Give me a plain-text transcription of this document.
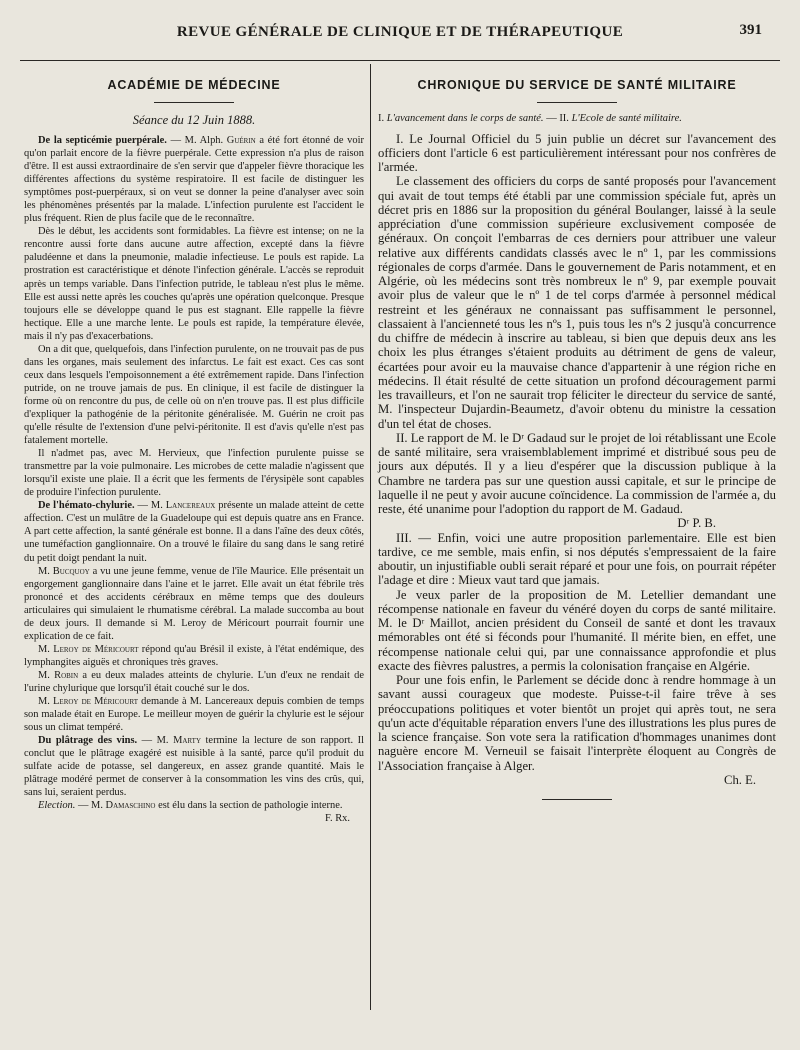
REVUE GÉNÉRALE DE CLINIQUE ET DE THÉRAPEUTIQUE	391
ACADÉMIE DE MÉDECINE
Séance du 12 Juin 1888.

De la septicémie puerpérale. — M. Alph. Guérin a été fort étonné de voir qu'on parlait encore de la fièvre puerpérale. Cette expression n'a plus de raison d'être. Il est aussi extraordinaire de s'en servir que d'appeler fièvre thoracique les différentes affections du système respiratoire. Il est facile de distinguer les symptômes post-puerpéraux, si on veut se donner la peine d'analyser avec soin les phénomènes présentés par la malade. L'infection purulente est l'accident le plus fréquent. Rien de plus facile que de le reconnaître.

Dès le début, les accidents sont formidables. La fièvre est intense; on ne la rencontre aussi forte dans aucune autre affection, excepté dans la fièvre paludéenne et dans la pneumonie, maladie infectieuse. Le pouls est rapide. La prostration est caractéristique et dénote l'infection générale. L'accès se reproduit après un temps variable. Dans l'infection putride, le tableau n'est plus le même. Elle est aussi nette après les couches qu'après une opération quelconque. Presque toujours elle se développe quand le pus est stagnant. Elle rappelle la fièvre hectique. Elle a une marche lente. Le pouls est rapide, la température élevée, mais il n'y pas d'exacerbations.

On a dit que, quelquefois, dans l'infection purulente, on ne trouvait pas de pus dans les organes, mais seulement des infarctus. Le fait est exact. Ces cas sont ceux dans lesquels l'empoisonnement a été extrêmement rapide. Dans l'infection putride, on ne trouve jamais de pus. En clinique, il est facile de distinguer la forme où on rencontre du pus, de celle où on n'en trouve pas. Il est plus difficile d'expliquer la pathogénie de la péritonite généralisée. M. Guérin ne croit pas qu'elle résulte de l'extension d'une pelvi-péritonite. Il est d'avis qu'elle n'est pas fatalement mortelle.

Il n'admet pas, avec M. Hervieux, que l'infection purulente puisse se transmettre par la voie pulmonaire. Les microbes de cette maladie n'agissent que lorsqu'il existe une plaie. Il a écrit que les ferments de l'érysipèle sont capables de produire l'infection purulente.

De l'hémato-chylurie. — M. Lancereaux présente un malade atteint de cette affection. C'est un mulâtre de la Guadeloupe qui est depuis quatre ans en France. A part cette affection, la santé générale est bonne. Il a dans l'aîne des deux côtés, une tuméfaction ganglionnaire. On a trouvé le filaire du sang dans le sang retiré du petit doigt pendant la nuit.

M. Bucquoy a vu une jeune femme, venue de l'île Maurice. Elle présentait un engorgement ganglionnaire dans l'aine et le jarret. Elle avait un état fébrile très prononcé et des accidents cérébraux en même temps que des douleurs articulaires qui simulaient le rhumatisme cérébral. La malade succomba au bout de deux jours. Il demande si M. Leroy de Méricourt pourrait fournir une explication de ce fait.

M. Leroy de Méricourt répond qu'au Brésil il existe, à l'état endémique, des lymphangites aiguës et chroniques très graves.

M. Robin a eu deux malades atteints de chylurie. L'un d'eux ne rendait de l'urine chylurique que lorsqu'il était couché sur le dos.

M. Leroy de Méricourt demande à M. Lancereaux depuis combien de temps son malade était en Europe. Le meilleur moyen de guérir la chylurie est le séjour sous un climat tempéré.

Du plâtrage des vins. — M. Marty termine la lecture de son rapport. Il conclut que le plâtrage exagéré est nuisible à la santé, parce qu'il produit du sulfate acide de potasse, sel dangereux, en assez grande quantité. Mais le plâtrage modéré permet de conserver à la consommation les vins des crûs, qui, sans lui, seraient perdus.

Election. — M. Damaschino est élu dans la section de pathologie interne.

F. Rx.
CHRONIQUE DU SERVICE DE SANTÉ MILITAIRE

I. L'avancement dans le corps de santé. — II. L'Ecole de santé militaire.

I. Le Journal Officiel du 5 juin publie un décret sur l'avancement des officiers dont l'article 6 est particulièrement intéressant pour nos confrères de l'armée.

Le classement des officiers du corps de santé proposés pour l'avancement qui avait de tout temps été établi par une commission spéciale fut, après un décret pris en 1886 sur la proposition du général Boulanger, laissé à la seule appréciation d'une commission supérieure exclusivement composée de généraux. On conçoit l'embarras de ces derniers pour attribuer une valeur relative aux différents candidats classés avec le nº 1, par les commissions régionales de corps d'armée. Dans le gouvernement de Paris notamment, et en Algérie, où les médecins sont très nombreux le nº 9, par exemple pouvait avoir plus de valeur que le nº 1 de tel corps d'armée à personnel médical restreint et les généraux ne connaissant pas suffisamment le personnel, classaient à l'ancienneté tous les nºs 1, puis tous les nºs 2 jusqu'à concurrence du chiffre de médecin à inscrire au tableau, si bien que depuis deux ans les choix les plus étranges s'étaient produits au détriment de gens de valeur, écartées pour avoir eu la mauvaise chance d'appartenir à une région riche en médecins. Il était résulté de cette situation un profond découragement parmi les travailleurs, et l'on ne saurait trop féliciter le directeur du service de santé, M. l'inspecteur Dujardin-Beaumetz, d'avoir obtenu du ministre la cessation d'un tel état de choses.

II. Le rapport de M. le Dʳ Gadaud sur le projet de loi rétablissant une Ecole de santé militaire, sera vraisemblablement imprimé et distribué sous peu de jours aux députés. Il y a lieu d'espérer que la discussion publique à la Chambre ne tardera pas sur une question aussi capitale, et sur le principe de laquelle il ne peut y avoir aucune coïncidence. La commission de l'armée a, du reste, été unanime pour l'adoption du rapport de M. Gadaud.

Dʳ P. B.

III. — Enfin, voici une autre proposition parlementaire. Elle est bien tardive, ce me semble, mais enfin, si nos députés s'empressaient de la faire aboutir, un injustifiable oubli serait réparé et pour une fois, on pourrait répéter l'adage et dire : Mieux vaut tard que jamais.

Je veux parler de la proposition de M. Letellier demandant une récompense nationale en faveur du vénéré doyen du corps de santé militaire. M. le Dʳ Maillot, ancien président du Conseil de santé et dont les travaux mémorables ont été si féconds pour l'humanité. Il mérite bien, en effet, une récompense nationale celui qui, par une connaissance approfondie et plus exacte des fièvres palustres, a permis la colonisation française en Algérie.

Pour une fois enfin, le Parlement se décide donc à rendre hommage à un savant aussi courageux que modeste. Puisse-t-il faire trêve à ses préoccupations politiques et voter bientôt un projet qui après tout, ne sera qu'un acte d'équitable réparation envers l'une des illustrations les plus pures de la science française. Son vote sera la ratification d'hommages unanimes dont naguère encore M. Verneuil se faisait l'interprète éloquent au Congrès de l'Association française à Alger.

Ch. E.
